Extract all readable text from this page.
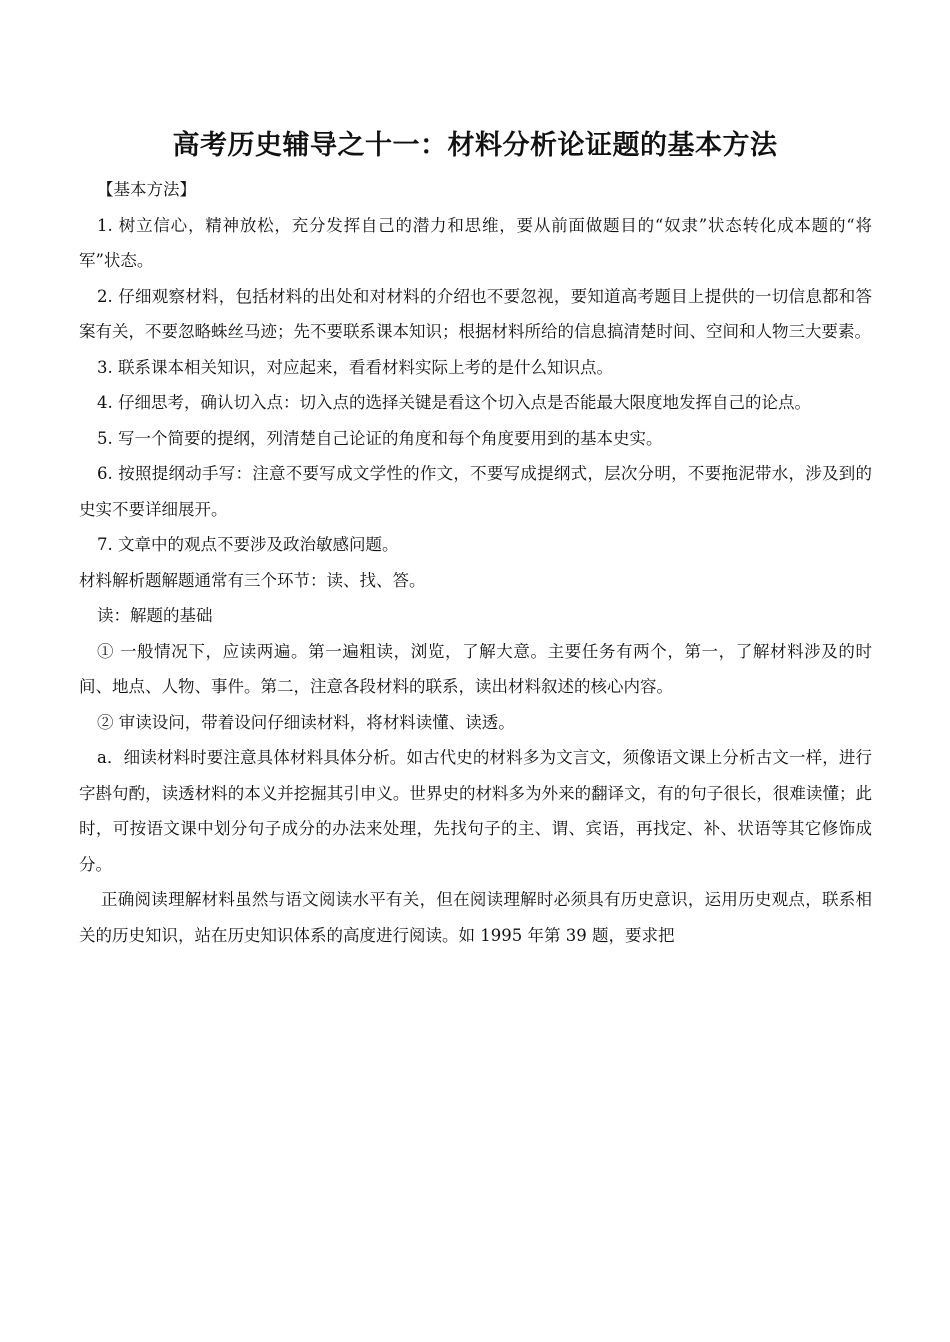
高考历史辅导之十一：材料分析论证题的基本方法

【基本方法】

1. 树立信心，精神放松，充分发挥自己的潜力和思维，要从前面做题目的“奴隶”状态转化成本题的“将军”状态。

2. 仔细观察材料，包括材料的出处和对材料的介绍也不要忽视，要知道高考题目上提供的一切信息都和答案有关，不要忽略蛛丝马迹；先不要联系课本知识；根据材料所给的信息搞清楚时间、空间和人物三大要素。

3. 联系课本相关知识，对应起来，看看材料实际上考的是什么知识点。

4. 仔细思考，确认切入点：切入点的选择关键是看这个切入点是否能最大限度地发挥自己的论点。

5. 写一个简要的提纲，列清楚自己论证的角度和每个角度要用到的基本史实。

6. 按照提纲动手写：注意不要写成文学性的作文，不要写成提纲式，层次分明，不要拖泥带水，涉及到的史实不要详细展开。

7. 文章中的观点不要涉及政治敏感问题。

材料解析题解题通常有三个环节：读、找、答。

读：解题的基础

① 一般情况下，应读两遍。第一遍粗读，浏览，了解大意。主要任务有两个，第一，了解材料涉及的时间、地点、人物、事件。第二，注意各段材料的联系，读出材料叙述的核心内容。

② 审读设问，带着设问仔细读材料，将材料读懂、读透。

a．细读材料时要注意具体材料具体分析。如古代史的材料多为文言文，须像语文课上分析古文一样，进行字斟句酌，读透材料的本义并挖掘其引申义。世界史的材料多为外来的翻译文，有的句子很长，很难读懂；此时，可按语文课中划分句子成分的办法来处理，先找句子的主、谓、宾语，再找定、补、状语等其它修饰成分。

正确阅读理解材料虽然与语文阅读水平有关，但在阅读理解时必须具有历史意识，运用历史观点，联系相关的历史知识，站在历史知识体系的高度进行阅读。如 1995 年第 39 题，要求把
